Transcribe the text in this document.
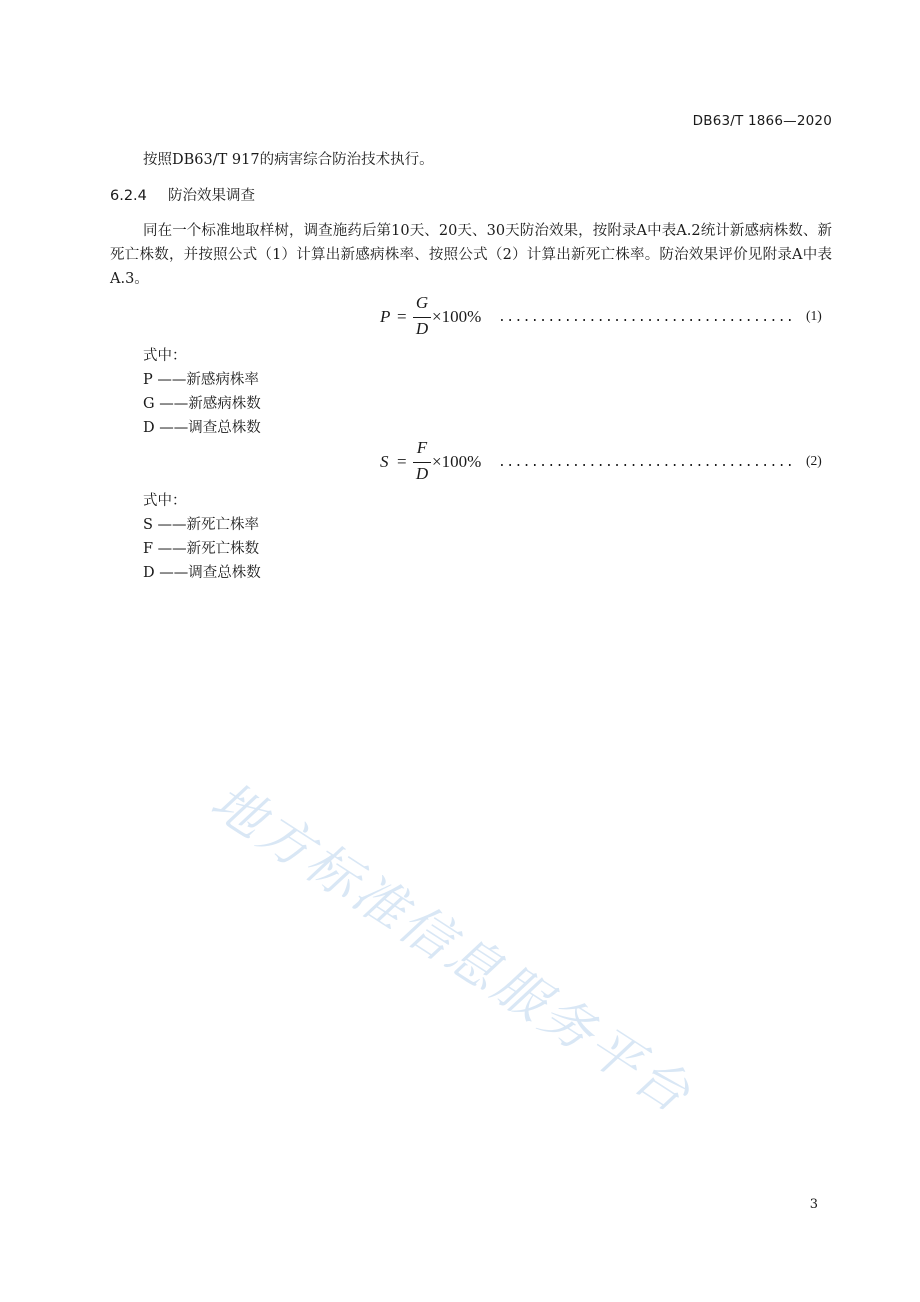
DB63/T 1866—2020
按照DB63/T 917的病害综合防治技术执行。
6.2.4 防治效果调查
同在一个标准地取样树，调查施药后第10天、20天、30天防治效果，按附录A中表A.2统计新感病株数、新死亡株数，并按照公式（1）计算出新感病株率、按照公式（2）计算出新死亡株率。防治效果评价见附录A中表A.3。
P =
G
D
×100% .................................... (1)
式中：
P ——新感病株率
G ——新感病株数
D ——调查总株数
S =
F
D
×100% .................................... (2)
式中：
S ——新死亡株率
F ——新死亡株数
D ——调查总株数
地方标准信息服务平台
3
